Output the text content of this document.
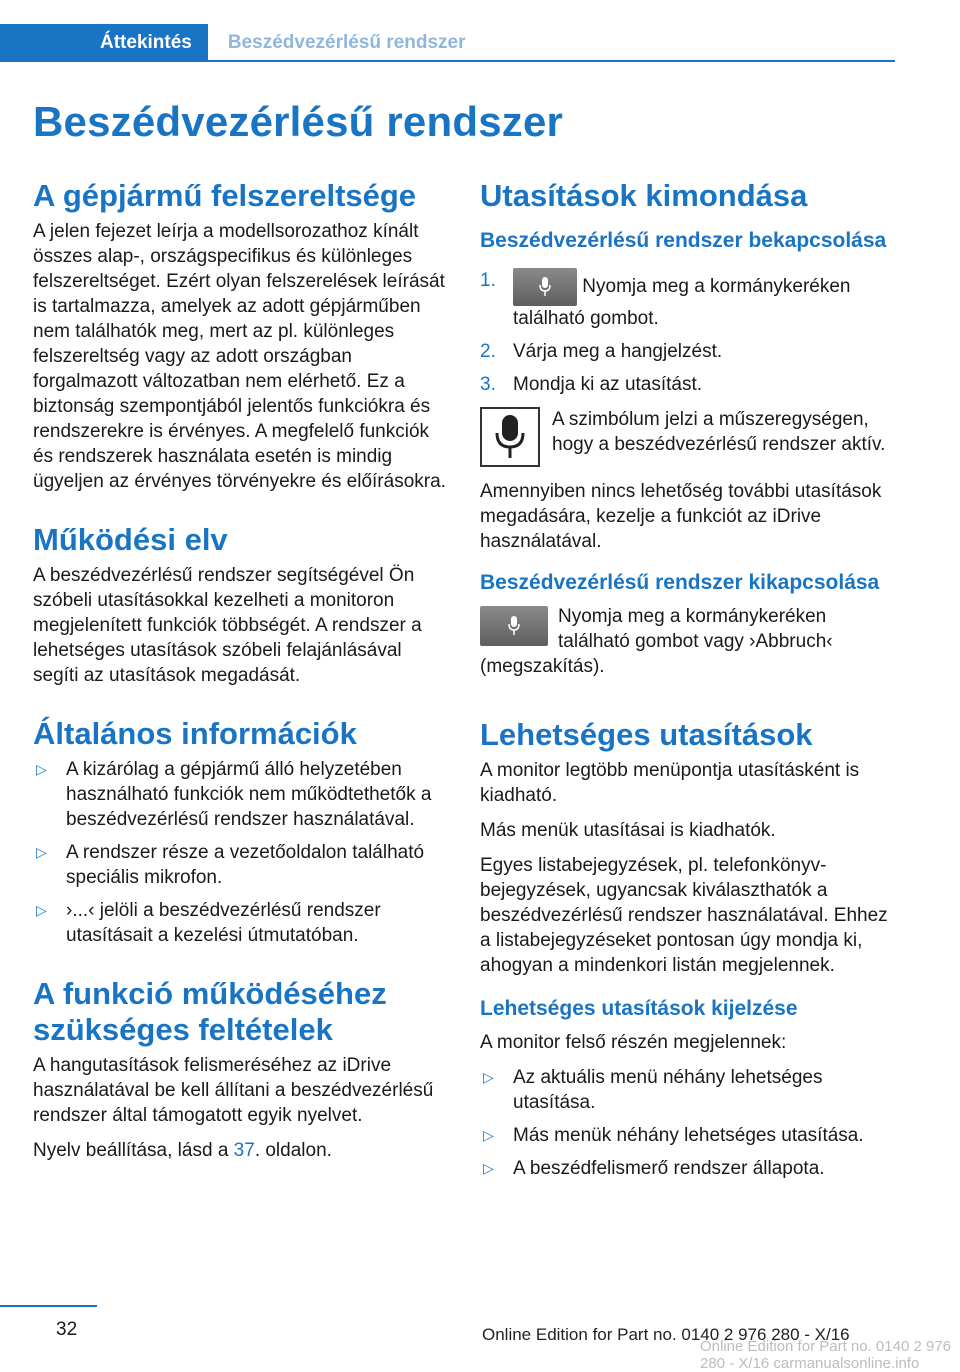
Áttekintés	Beszédvezérlésű rendszer
Beszédvezérlésű rendszer
A gépjármű felszereltsége

A jelen fejezet leírja a modellsorozathoz kínált összes alap-, országspecifikus és különleges felszereltséget. Ezért olyan felszerelések leírását is tartalmazza, amelyek az adott gépjárműben nem találhatók meg, mert az pl. különleges felszereltség vagy az adott országban forgalmazott változatban nem elérhető. Ez a biztonság szempontjából jelentős funkciókra és rendszerekre is érvényes. A megfelelő funkciók és rendszerek használata esetén is mindig ügyeljen az érvényes törvényekre és előírásokra.

Működési elv

A beszédvezérlésű rendszer segítségével Ön szóbeli utasításokkal kezelheti a monitoron megjelenített funkciók többségét. A rendszer a lehetséges utasítások szóbeli felajánlásával segíti az utasítások megadását.

Általános információk
▷ A kizárólag a gépjármű álló helyzetében használható funkciók nem működtethetők a beszédvezérlésű rendszer használatával.
▷ A rendszer része a vezetőoldalon található speciális mikrofon.
▷ ›...‹ jelöli a beszédvezérlésű rendszer utasításait a kezelési útmutatóban.
A funkció működéséhez szükséges feltételek

A hangutasítások felismeréséhez az iDrive használatával be kell állítani a beszédvezérlésű rendszer által támogatott egyik nyelvet.

Nyelv beállítása, lásd a 37. oldalon.

Utasítások kimondása
Beszédvezérlésű rendszer bekapcsolása
1.	Nyomja meg a kormánykeréken található gombot.
2. Várja meg a hangjelzést.
3. Mondja ki az utasítást.

A szimbólum jelzi a műszeregységen, hogy a beszédvezérlésű rendszer aktív.

Amennyiben nincs lehetőség további utasítások megadására, kezelje a funkciót az iDrive használatával.

Beszédvezérlésű rendszer kikapcsolása

Nyomja meg a kormánykeréken található gombot vagy ›Abbruch‹ (megszakítás).

Lehetséges utasítások

A monitor legtöbb menüpontja utasításként is kiadható.

Más menük utasításai is kiadhatók.

Egyes listabejegyzések, pl. telefonkönyv-bejegyzések, ugyancsak kiválaszthatók a beszédvezérlésű rendszer használatával. Ehhez a listabejegyzéseket pontosan úgy mondja ki, ahogyan a mindenkori listán megjelennek.

Lehetséges utasítások kijelzése

A monitor felső részén megjelennek:

▷ Az aktuális menü néhány lehetséges utasítása.
▷ Más menük néhány lehetséges utasítása.
▷ A beszédfelismerő rendszer állapota.
32	Online Edition for Part no. 0140 2 976 280 - X/16
Online Edition for Part no. 0140 2 976 280 - X/16 carmanualsonline.info
